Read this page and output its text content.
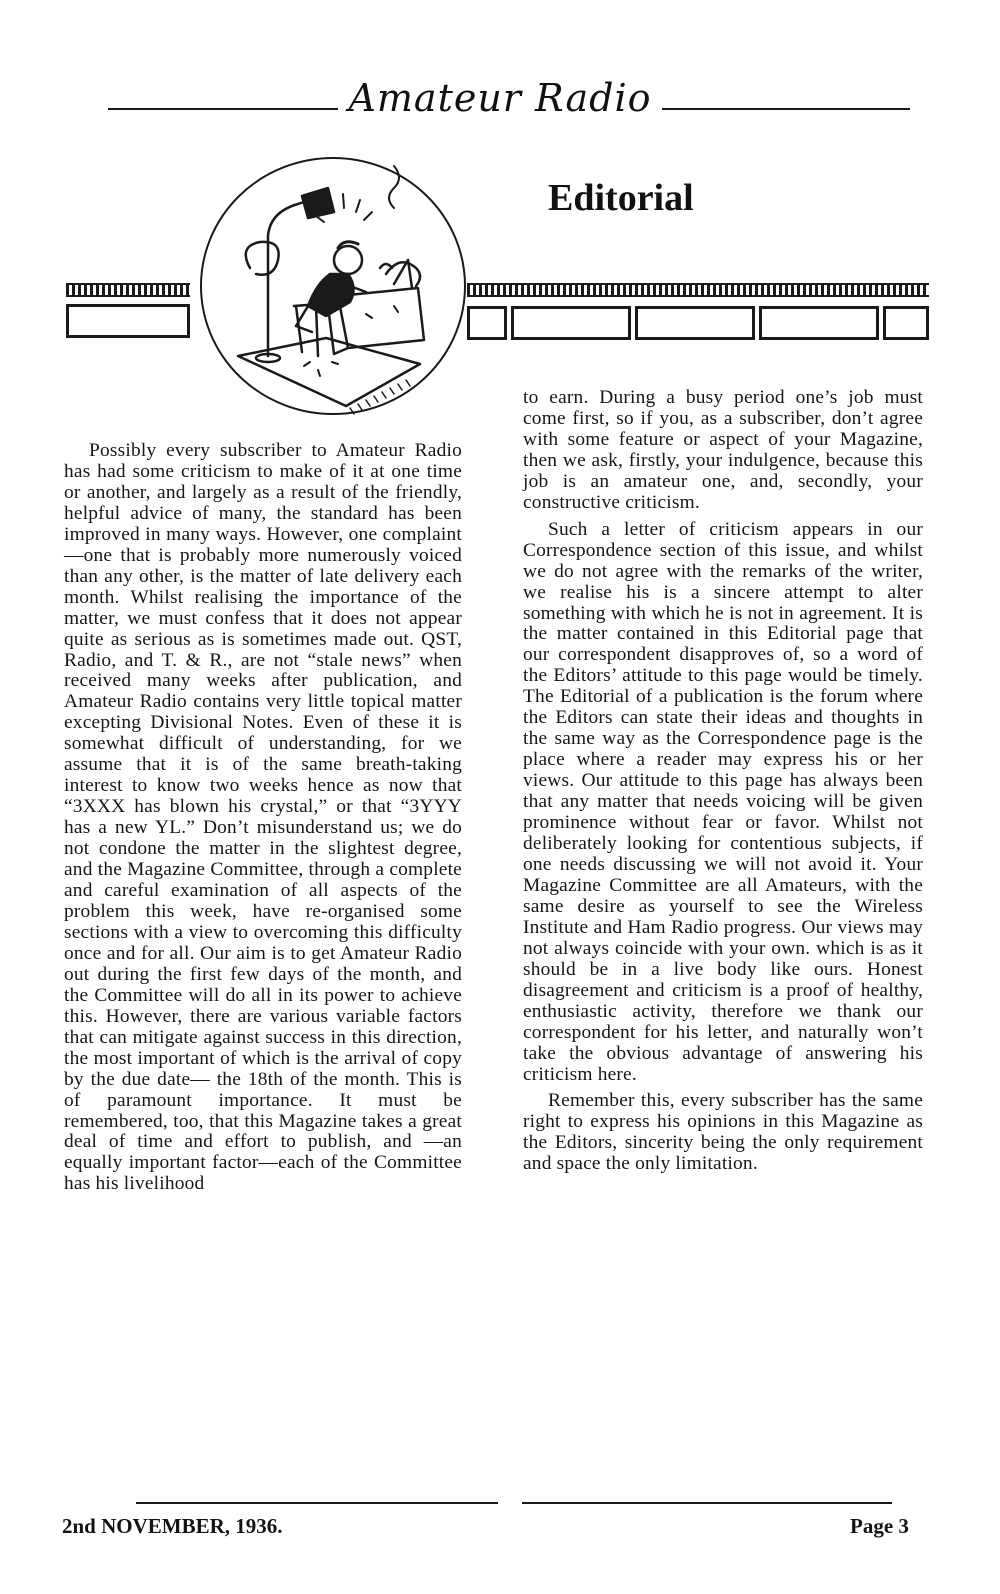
Amateur Radio
Editorial

Possibly every subscriber to Amateur Radio has had some criticism to make of it at one time or another, and largely as a result of the friendly, helpful advice of many, the standard has been improved in many ways. However, one complaint—one that is probably more numerously voiced than any other, is the matter of late delivery each month. Whilst realising the importance of the matter, we must confess that it does not appear quite as serious as is sometimes made out. QST, Radio, and T. & R., are not “stale news” when received many weeks after publication, and Amateur Radio contains very little topical matter excepting Divisional Notes. Even of these it is somewhat difficult of understanding, for we assume that it is of the same breath-taking interest to know two weeks hence as now that “3XXX has blown his crystal,” or that “3YYY has a new YL.” Don’t misunderstand us; we do not condone the matter in the slightest degree, and the Magazine Committee, through a complete and careful examination of all aspects of the problem this week, have re-organised some sections with a view to overcoming this difficulty once and for all. Our aim is to get Amateur Radio out during the first few days of the month, and the Committee will do all in its power to achieve this. However, there are various variable factors that can mitigate against success in this direction, the most important of which is the arrival of copy by the due date— the 18th of the month. This is of paramount importance. It must be remembered, too, that this Magazine takes a great deal of time and effort to publish, and —an equally important factor—each of the Committee has his livelihood

to earn. During a busy period one’s job must come first, so if you, as a subscriber, don’t agree with some feature or aspect of your Magazine, then we ask, firstly, your indulgence, because this job is an amateur one, and, secondly, your constructive criticism.

Such a letter of criticism appears in our Correspondence section of this issue, and whilst we do not agree with the remarks of the writer, we realise his is a sincere attempt to alter something with which he is not in agreement. It is the matter contained in this Editorial page that our correspondent disapproves of, so a word of the Editors’ attitude to this page would be timely. The Editorial of a publication is the forum where the Editors can state their ideas and thoughts in the same way as the Correspondence page is the place where a reader may express his or her views. Our attitude to this page has always been that any matter that needs voicing will be given prominence without fear or favor. Whilst not deliberately looking for contentious subjects, if one needs discussing we will not avoid it. Your Magazine Committee are all Amateurs, with the same desire as yourself to see the Wireless Institute and Ham Radio progress. Our views may not always coincide with your own. which is as it should be in a live body like ours. Honest disagreement and criticism is a proof of healthy, enthusiastic activity, therefore we thank our correspondent for his letter, and naturally won’t take the obvious advantage of answering his criticism here.

Remember this, every subscriber has the same right to express his opinions in this Magazine as the Editors, sincerity being the only requirement and space the only limitation.

2nd NOVEMBER, 1936.	Page 3
